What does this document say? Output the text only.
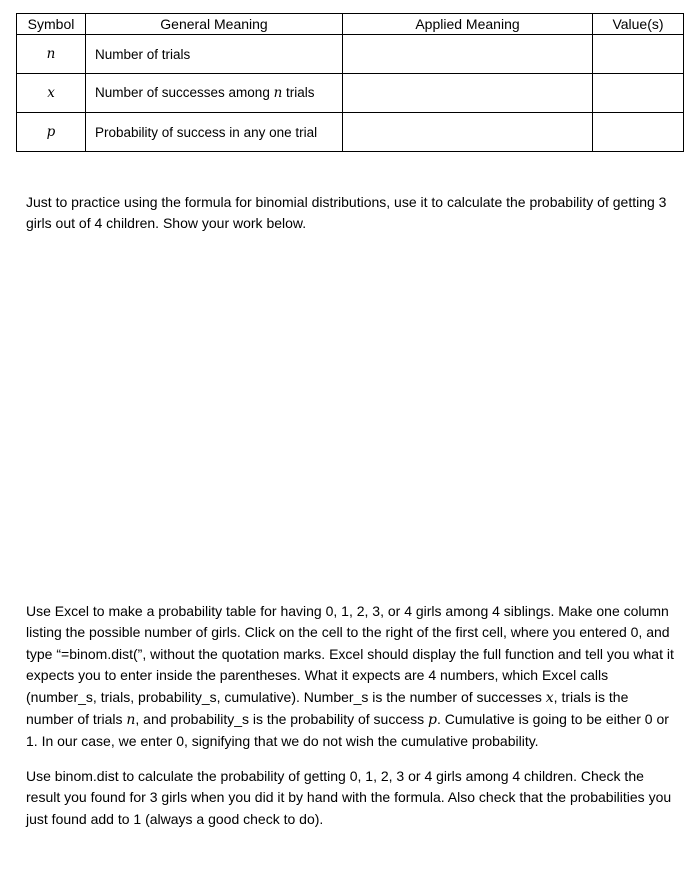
Symbol	General Meaning	Applied Meaning	Value(s)
n	Number of trials		
x	Number of successes among n trials		
p	Probability of success in any one trial		

Just to practice using the formula for binomial distributions, use it to calculate the probability of getting 3 girls out of 4 children. Show your work below.

Use Excel to make a probability table for having 0, 1, 2, 3, or 4 girls among 4 siblings. Make one column listing the possible number of girls. Click on the cell to the right of the first cell, where you entered 0, and type “=binom.dist(”, without the quotation marks. Excel should display the full function and tell you what it expects you to enter inside the parentheses. What it expects are 4 numbers, which Excel calls (number_s, trials, probability_s, cumulative). Number_s is the number of successes x, trials is the number of trials n, and probability_s is the probability of success p. Cumulative is going to be either 0 or 1. In our case, we enter 0, signifying that we do not wish the cumulative probability.

Use binom.dist to calculate the probability of getting 0, 1, 2, 3 or 4 girls among 4 children. Check the result you found for 3 girls when you did it by hand with the formula. Also check that the probabilities you just found add to 1 (always a good check to do).
